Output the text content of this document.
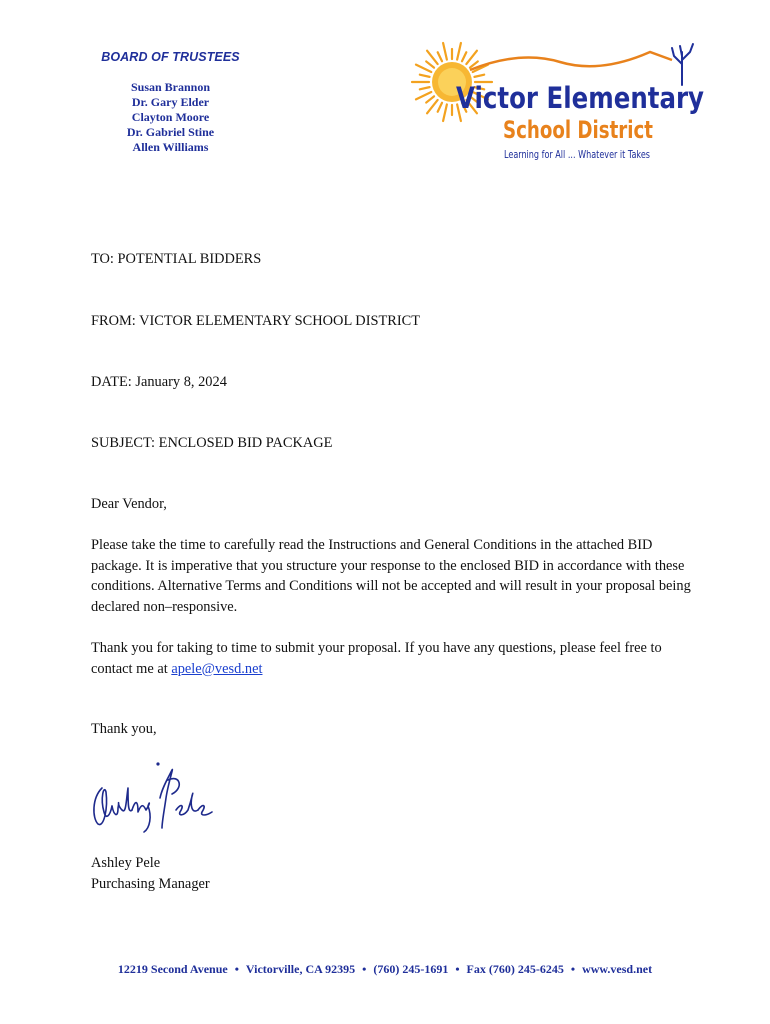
BOARD OF TRUSTEES
Susan Brannon
Dr. Gary Elder
Clayton Moore
Dr. Gabriel Stine
Allen Williams
Victor Elementary
School District
Learning for All ... Whatever it Takes
TO: POTENTIAL BIDDERS
FROM: VICTOR ELEMENTARY SCHOOL DISTRICT
DATE: January 8, 2024
SUBJECT: ENCLOSED BID PACKAGE
Dear Vendor,
Please take the time to carefully read the Instructions and General Conditions in the attached BID package. It is imperative that you structure your response to the enclosed BID in accordance with these conditions. Alternative Terms and Conditions will not be accepted and will result in your proposal being declared non–responsive.
Thank you for taking to time to submit your proposal. If you have any questions, please feel free to contact me at apele@vesd.net
Thank you,
Ashley Pele
Purchasing Manager
12219 Second Avenue • Victorville, CA 92395 • (760) 245-1691 • Fax (760) 245-6245 • www.vesd.net
